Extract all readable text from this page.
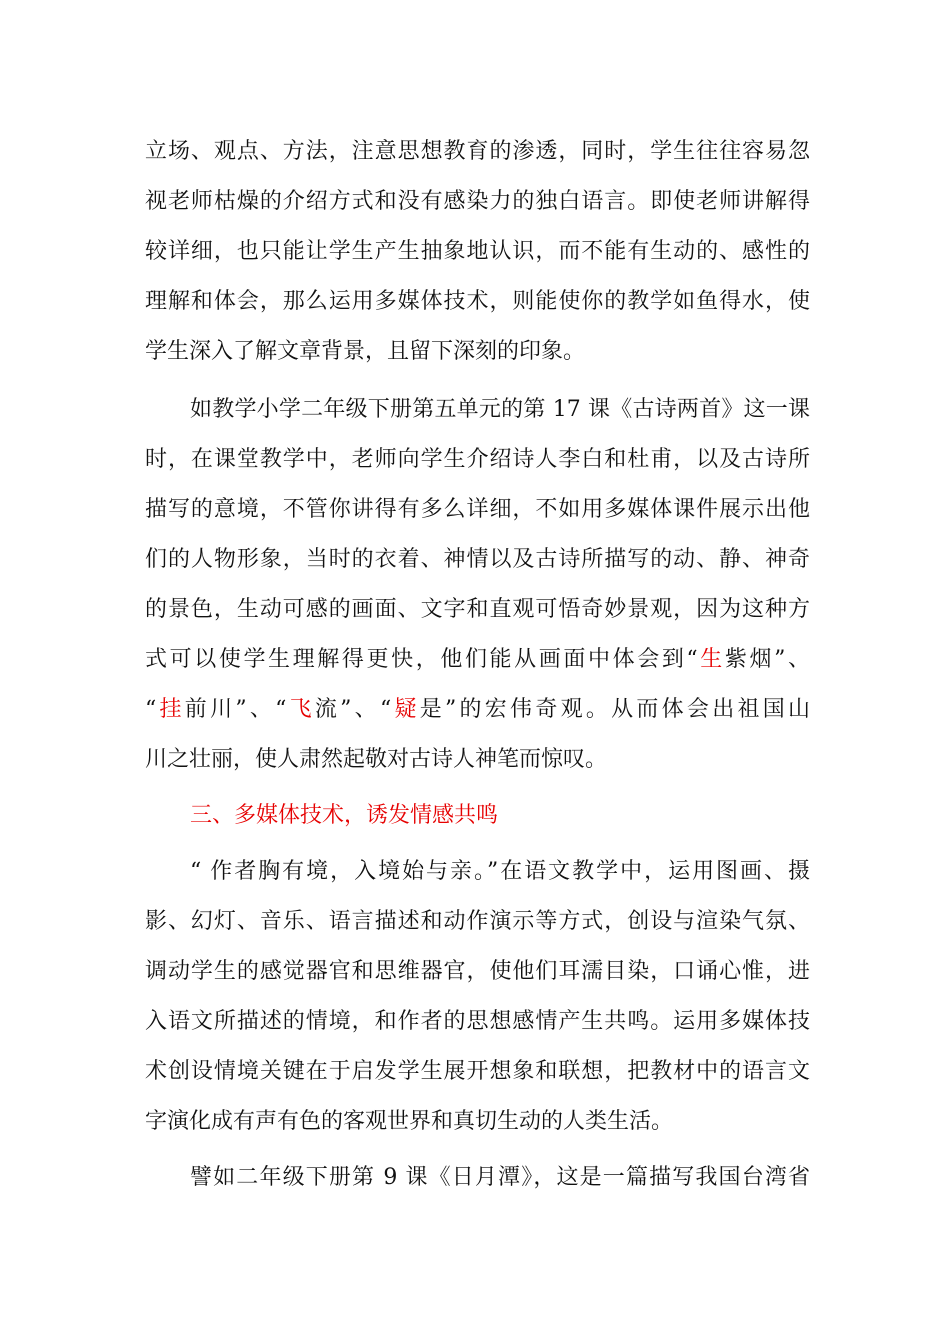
立场、观点、方法，注意思想教育的渗透，同时，学生往往容易忽
视老师枯燥的介绍方式和没有感染力的独白语言。即使老师讲解得
较详细，也只能让学生产生抽象地认识，而不能有生动的、感性的
理解和体会，那么运用多媒体技术，则能使你的教学如鱼得水，使
学生深入了解文章背景，且留下深刻的印象。
如教学小学二年级下册第五单元的第 17 课《古诗两首》这一课
时，在课堂教学中，老师向学生介绍诗人李白和杜甫，以及古诗所
描写的意境，不管你讲得有多么详细，不如用多媒体课件展示出他
们的人物形象，当时的衣着、神情以及古诗所描写的动、静、神奇
的景色，生动可感的画面、文字和直观可悟奇妙景观，因为这种方
式可以使学生理解得更快，他们能从画面中体会到“生紫烟”、
“挂前川”、“飞流”、“疑是”的宏伟奇观。从而体会出祖国山
川之壮丽，使人肃然起敬对古诗人神笔而惊叹。
三、多媒体技术，诱发情感共鸣
“ 作者胸有境，入境始与亲。”在语文教学中，运用图画、摄
影、幻灯、音乐、语言描述和动作演示等方式，创设与渲染气氛、
调动学生的感觉器官和思维器官，使他们耳濡目染，口诵心惟，进
入语文所描述的情境，和作者的思想感情产生共鸣。运用多媒体技
术创设情境关键在于启发学生展开想象和联想，把教材中的语言文
字演化成有声有色的客观世界和真切生动的人类生活。
譬如二年级下册第 9 课《日月潭》，这是一篇描写我国台湾省
